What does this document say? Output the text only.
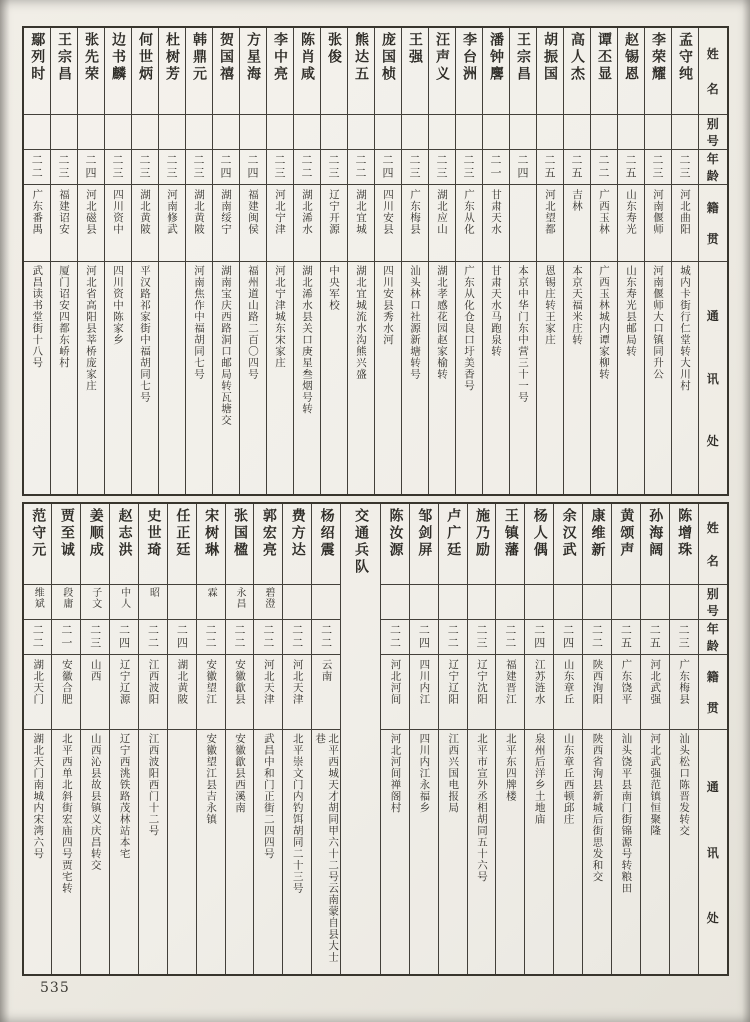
姓
名	孟守纯	李荣耀	赵锡恩	谭丕显	高人杰	胡振国	王宗昌	潘钟麐	李台洲	汪声义	王强	庞国桢	熊达五	张俊	陈肖咸	李中亮	方星海	贺国禧	韩鼎元	杜树芳	何世炳	边书麟	张先荣	王宗昌	鄢列时

别
号																									

年
龄	二三	二三	二五	二二	二五	二五	二四	二一	二三	二三	二三	二四	二二	二三	二二	二三	二四	二四	二三	二三	二三	二三	二四	二三	二二

籍
贯	河北曲阳	河南偃师	山东寿光	广西玉林	吉林	河北望都		甘肃天水	广东从化	湖北应山	广东梅县	四川安县	湖北宜城	辽宁开源	湖北浠水	河北宁津	福建闽侯	湖南绥宁	湖北黄陂	河南修武	湖北黄陂	四川资中	河北磁县	福建诏安	广东番禺

通
讯
处	城内卡街行仁堂转大川村	河南偃师大口镇同升公	山东寿光县邮局转	广西玉林城内谭家柳转	本京天福米庄转	恩锡庄转王家庄	本京中华门东中营三十一号	甘肃天水马跑泉转	广东从化仓良口圩美香号	湖北孝感花园赵家榆转	汕头林口社源新塘转号	四川安县秀水河	湖北宜城流水沟熊兴盛	中央军校	湖北浠水县关口庚星叁烟号转	河北宁津城东宋家庄	福州道山路二百〇四号	湖南宝庆西路洞口邮局转瓦塘交	河南焦作中福胡同七号		平汉路祁家街中福胡同七号	四川资中陈家乡	河北省高阳县莘桥庞家庄	厦门诏安四都东峤村	武昌读书堂街十八号
姓
名	陈增珠	孙海阔	黄颂声	康维新	余汉武	杨人偶	王镇藩	施乃励	卢广廷	邹剑屏	陈汝源	交通兵队	杨绍震	费方达	郭宏亮	张国楹	宋树琳	任正廷	史世琦	赵志洪	姜顺成	贾至诚	范守元

别
号															碧澄	永昌	霖		昭	中人	子文	段庸	维斌

年
龄	二三	二五	二五	二二	二四	二四	二二	二三	二二	二四	二二		二二	二二	二二	二二	二二	二四	二二	二四	二三	二一	二二

籍
贯	广东梅县	河北武强	广东饶平	陕西洵阳	山东章丘	江苏涟水	福建晋江	辽宁沈阳	辽宁辽阳	四川内江	河北河间		云南	河北天津	河北天津	安徽歙县	安徽望江	湖北黄陂	江西波阳	辽宁辽源	山西	安徽合肥	湖北天门

通
讯
处	汕头松口陈晋发转交	河北武强范镇恒聚隆	汕头饶平县南门街锦源号转粮田	陕西省洵县新城后街思发和交	山东章丘西顿邱庄	泉州后洋乡土地庙	北平东四牌楼	北平市宣外丞相胡同五十六号	江西兴国电报局	四川内江永福乡	河北河间禅阁村		北平西城天才胡同甲六十二号云南蒙自县大士巷	北平崇文门内钓饵胡同二十三号	武昌中和门正街二四四号	安徽歙县西溪南	安徽望江县吉永镇		江西波阳西门十二号	辽宁西洮铁路茂林站本宅	山西沁县故县镇义庆昌转交	北平西单北斜街宏庙四号贾宅转	湖北天门南城内宋湾六号
535
